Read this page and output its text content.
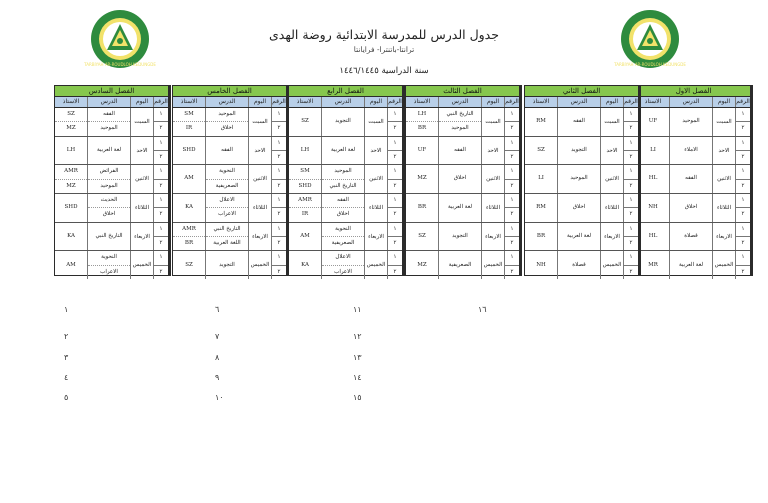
TARBIYAH AR-ROUDLOH KEDUNGDE	TARBIYAH AR-ROUDLOH KEDUNGDE
جدول الدرس للمدرسة الابتدائية روضة الهدى
ترانتا-باتنترا- فرايانتا
سنة الدراسية ١٤٤٦/١٤٤٥
الفصل الاول
الرقم
اليوم
الدرس
الاستاذ
١
٢
السبت
الموحيد
UF
١
٢
الاحد
الاملاء
LI
١
٢
الاثنين
الفقه
HL
١
٢
الثلاثاء
اخلاق
NH
١
٢
الاربعاء
قصلاة
HL
١
٢
الخميس
لغة العربية
MR
الفصل الثاني
الرقم
اليوم
الدرس
الاستاذ
١
٢
السبت
الفقه
RM
١
٢
الاحد
التجويد
SZ
١
٢
الاثنين
الموحيد
LI
١
٢
الثلاثاء
اخلاق
RM
١
٢
الاربعاء
لغة العربية
BR
١
٢
الخميس
قصلاة
NH
الفصل الثالث
الرقم
اليوم
الدرس
الاستاذ
١
٢
السبت
التاريخ النبي
الموحيد
LH
BR
١
٢
الاحد
الفقه
UF
١
٢
الاثنين
اخلاق
MZ
١
٢
الثلاثاء
لغة العربية
BR
١
٢
الاربعاء
التجويد
SZ
١
٢
الخميس
الصعريفية
MZ
الفصل الرابع
الرقم
اليوم
الدرس
الاستاذ
١
٢
السبت
التجويد
SZ
١
٢
الاحد
لغة العربية
LH
١
٢
الاثنين
الموحيد
التاريخ النبي
SM
SHD
١
٢
الثلاثاء
الفقه
اخلاق
AMR
IR
١
٢
الاربعاء
النحوية
الصعريفية
AM
١
٢
الخميس
الاعلال
الاعراب
KA
الفصل الخامس
الرقم
اليوم
الدرس
الاستاذ
١
٢
السبت
الموحيد
اخلاق
SM
IR
١
٢
الاحد
الفقه
SHD
١
٢
الاثنين
النحوية
الصعريفية
AM
١
٢
الثلاثاء
الاعلال
الاعراب
KA
١
٢
الاربعاء
التاريخ النبي
اللغة العربية
AMR
BR
١
٢
الخميس
التجويد
SZ
الفصل السادس
الرقم
اليوم
الدرس
الاستاذ
١
٢
السبت
الفقه
الموحيد
SZ
MZ
١
٢
الاحد
لغة العربية
LH
١
٢
الاثنين
الفرائض
الموحيد
AMR
MZ
١
٢
الثلاثاء
الحديث
اخلاق
SHD
١
٢
الاربعاء
التاريخ النبي
KA
١
٢
الخميس
النحوية
الاعراب
AM
١
٢
٣
٤
٥
٦
٧
٨
٩
١٠
١١
١٢
١٣
١٤
١٥
١٦
